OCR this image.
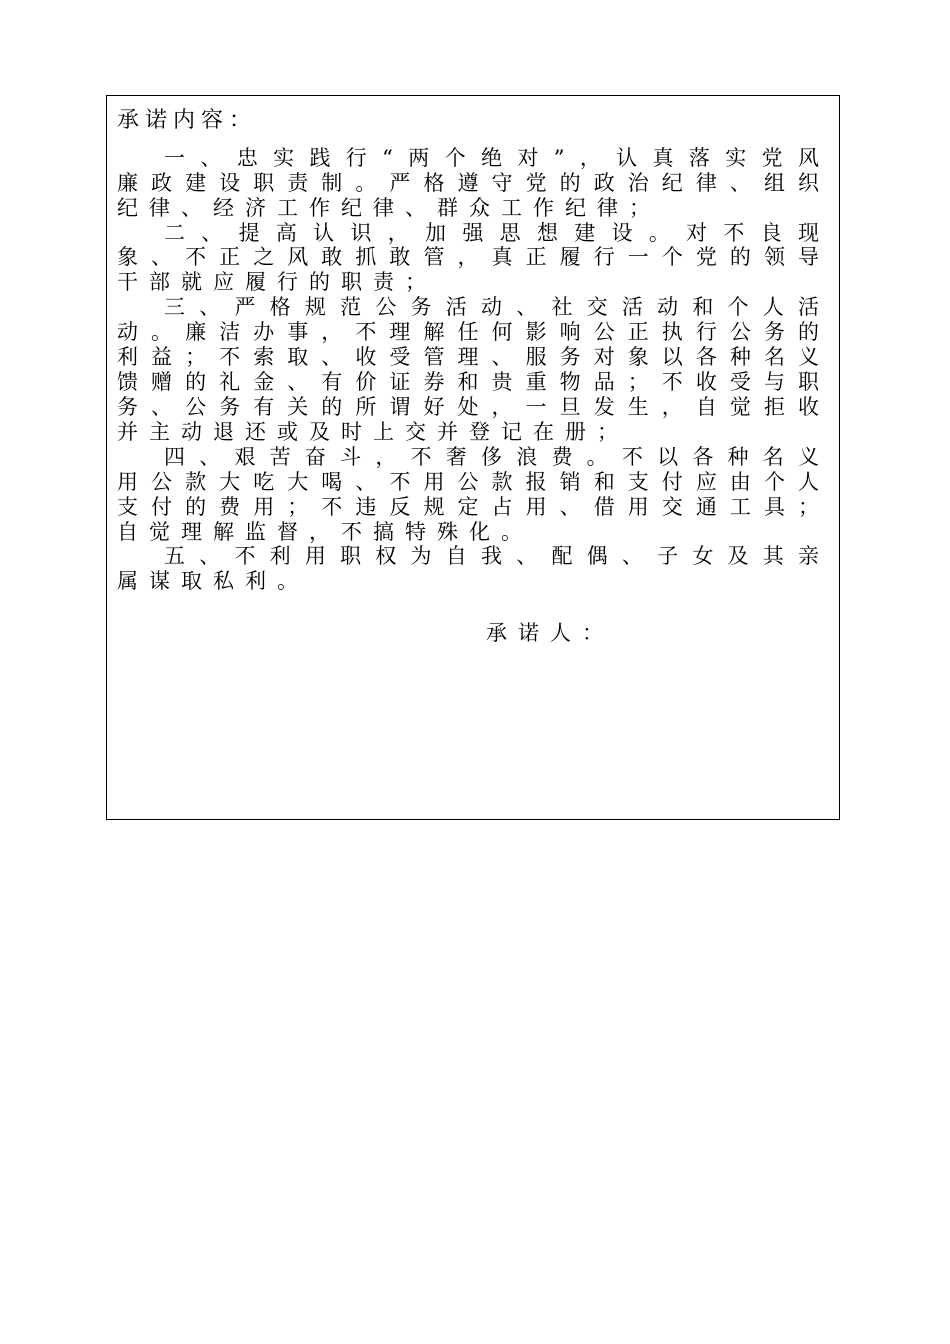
承诺内容：
一、忠实践行“两个绝对”，认真落实党风
廉政建设职责制。严格遵守党的政治纪律、组织
纪律、经济工作纪律、群众工作纪律；
二、提高认识，加强思想建设。对不良现
象、不正之风敢抓敢管，真正履行一个党的领导
干部就应履行的职责；
三、严格规范公务活动、社交活动和个人活
动。廉洁办事，不理解任何影响公正执行公务的
利益；不索取、收受管理、服务对象以各种名义
馈赠的礼金、有价证券和贵重物品；不收受与职
务、公务有关的所谓好处，一旦发生，自觉拒收
并主动退还或及时上交并登记在册；
四、艰苦奋斗，不奢侈浪费。不以各种名义
用公款大吃大喝、不用公款报销和支付应由个人
支付的费用；不违反规定占用、借用交通工具；
自觉理解监督，不搞特殊化。
五、不利用职权为自我、配偶、子女及其亲
属谋取私利。
承诺人：
